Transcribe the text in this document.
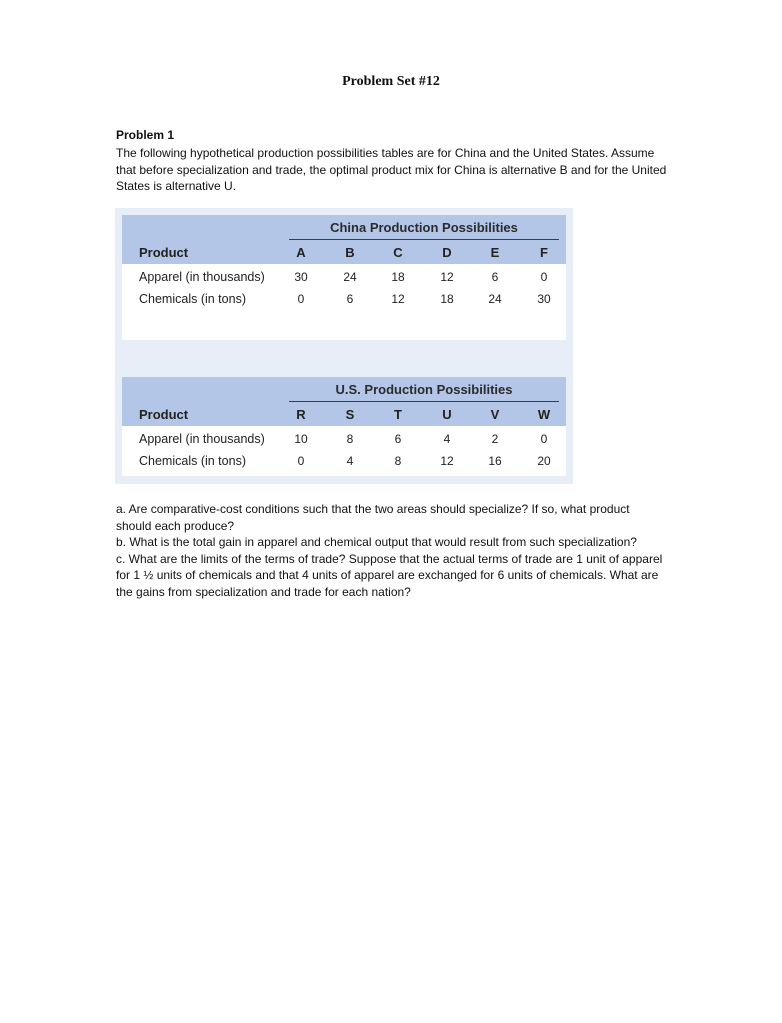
Problem Set #12
Problem 1
The following hypothetical production possibilities tables are for China and the United States. Assume that before specialization and trade, the optimal product mix for China is alternative B and for the United States is alternative U.
China Production Possibilities
Product	A	B	C	D	E	F
Apparel (in thousands)	30	24	18	12	6	0
Chemicals (in tons)	0	6	12	18	24	30
U.S. Production Possibilities
Product	R	S	T	U	V	W
Apparel (in thousands)	10	8	6	4	2	0
Chemicals (in tons)	0	4	8	12	16	20

a. Are comparative-cost conditions such that the two areas should specialize? If so, what product should each produce?

b. What is the total gain in apparel and chemical output that would result from such specialization?

c. What are the limits of the terms of trade? Suppose that the actual terms of trade are 1 unit of apparel for 1 ½ units of chemicals and that 4 units of apparel are exchanged for 6 units of chemicals. What are the gains from specialization and trade for each nation?
